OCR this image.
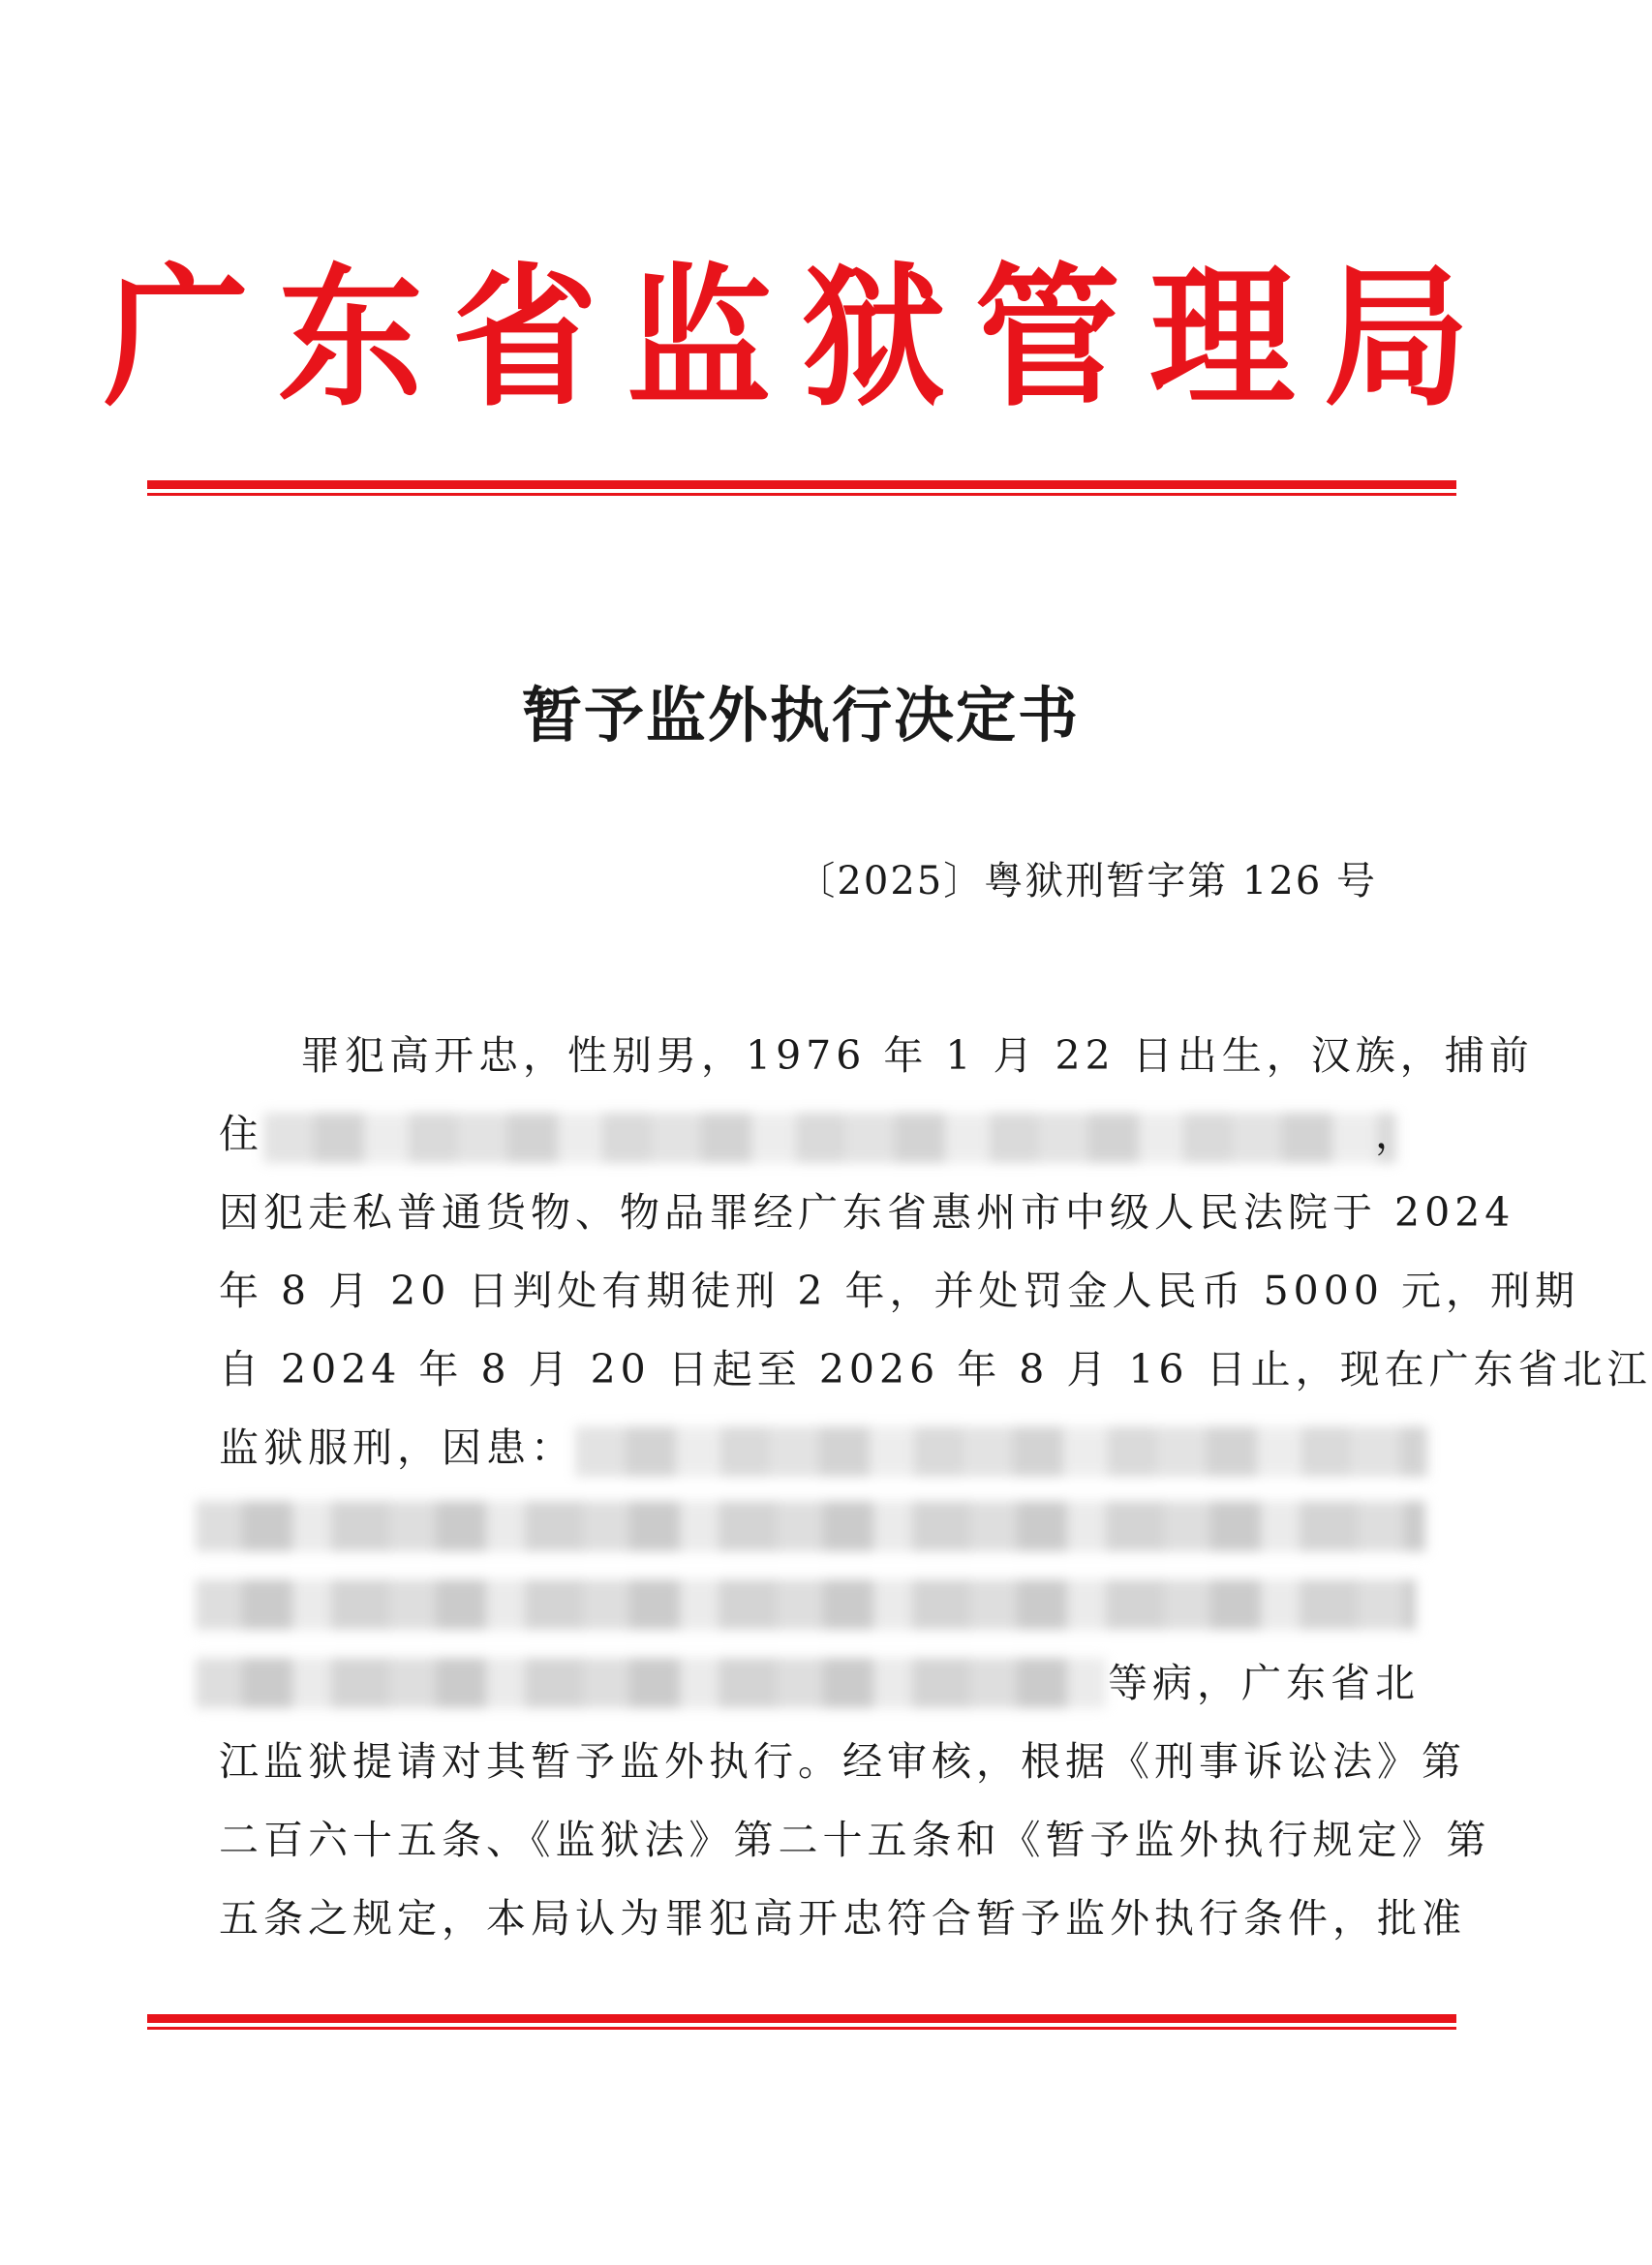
广东省监狱管理局
暂予监外执行决定书
〔2025〕粤狱刑暂字第 126 号
罪犯高开忠，性别男，1976 年 1 月 22 日出生，汉族，捕前
住	，
因犯走私普通货物、物品罪经广东省惠州市中级人民法院于 2024
年 8 月 20 日判处有期徒刑 2 年，并处罚金人民币 5000 元，刑期
自 2024 年 8 月 20 日起至 2026 年 8 月 16 日止，现在广东省北江
监狱服刑，因患：
等病，广东省北
江监狱提请对其暂予监外执行。经审核，根据《刑事诉讼法》第
二百六十五条、《监狱法》第二十五条和《暂予监外执行规定》第
五条之规定，本局认为罪犯高开忠符合暂予监外执行条件，批准
